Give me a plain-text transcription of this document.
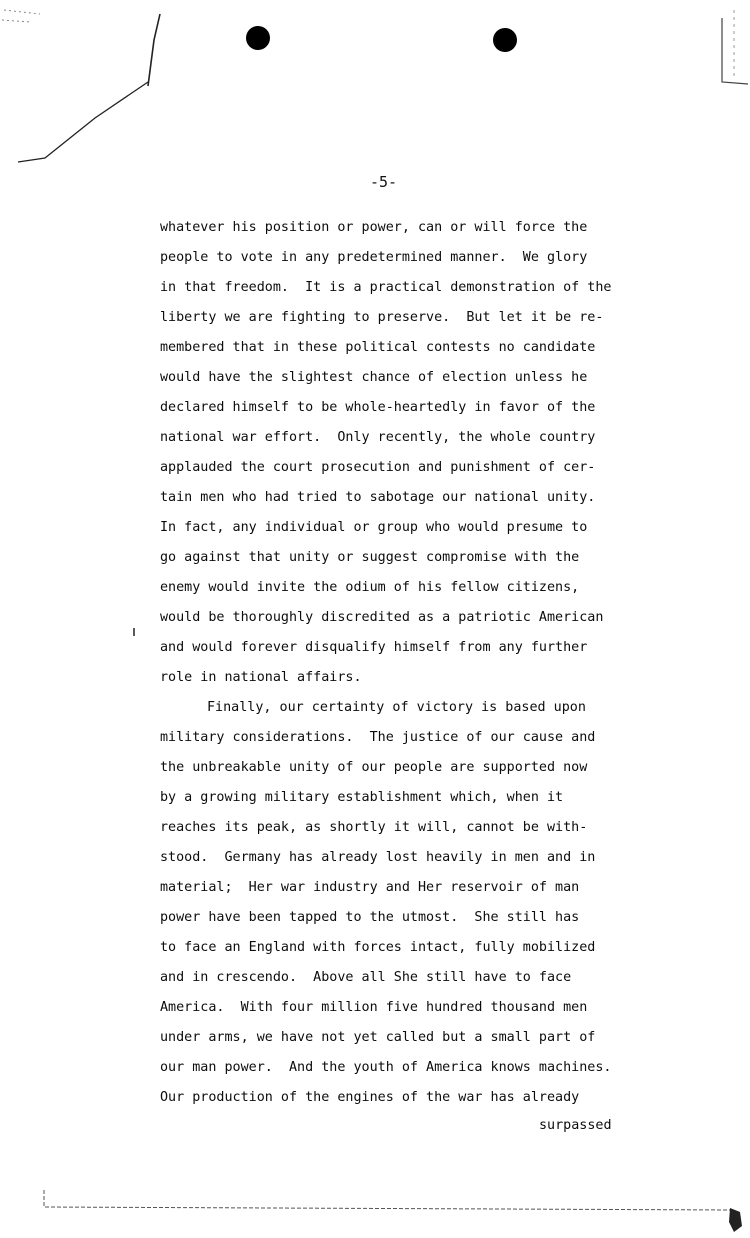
-5-
whatever his position or power, can or will force the
people to vote in any predetermined manner.  We glory
in that freedom.  It is a practical demonstration of the
liberty we are fighting to preserve.  But let it be re-
membered that in these political contests no candidate
would have the slightest chance of election unless he
declared himself to be whole-heartedly in favor of the
national war effort.  Only recently, the whole country
applauded the court prosecution and punishment of cer-
tain men who had tried to sabotage our national unity.
In fact, any individual or group who would presume to
go against that unity or suggest compromise with the
enemy would invite the odium of his fellow citizens,
would be thoroughly discredited as a patriotic American
and would forever disqualify himself from any further
role in national affairs.
Finally, our certainty of victory is based upon
military considerations.  The justice of our cause and
the unbreakable unity of our people are supported now
by a growing military establishment which, when it
reaches its peak, as shortly it will, cannot be with-
stood.  Germany has already lost heavily in men and in
material;  Her war industry and Her reservoir of man
power have been tapped to the utmost.  She still has
to face an England with forces intact, fully mobilized
and in crescendo.  Above all She still have to face
America.  With four million five hundred thousand men
under arms, we have not yet called but a small part of
our man power.  And the youth of America knows machines.
Our production of the engines of the war has already
surpassed
